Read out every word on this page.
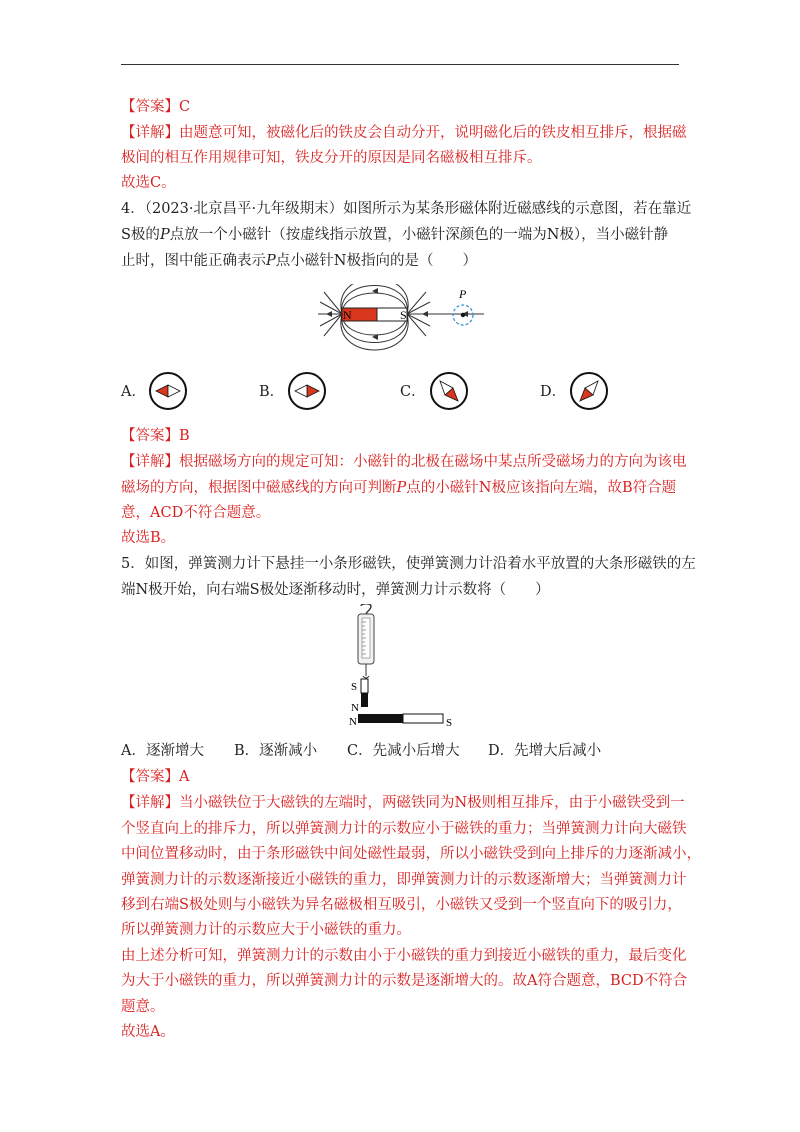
【答案】C
【详解】由题意可知，被磁化后的铁皮会自动分开，说明磁化后的铁皮相互排斥，根据磁
极间的相互作用规律可知，铁皮分开的原因是同名磁极相互排斥。
故选C。
4．（2023·北京昌平·九年级期末）如图所示为某条形磁体附近磁感线的示意图，若在靠近
S极的P点放一个小磁针（按虚线指示放置，小磁针深颜色的一端为N极），当小磁针静
止时，图中能正确表示P点小磁针N极指向的是（　　）
N	S
P
A．	B．	C．	D．
【答案】B
【详解】根据磁场方向的规定可知：小磁针的北极在磁场中某点所受磁场力的方向为该电
磁场的方向，根据图中磁感线的方向可判断P点的小磁针N极应该指向左端，故B符合题
意，ACD不符合题意。
故选B。
5．如图，弹簧测力计下悬挂一小条形磁铁，使弹簧测力计沿着水平放置的大条形磁铁的左
端N极开始，向右端S极处逐渐移动时，弹簧测力计示数将（　　）
S
N
N	S
A．逐渐增大 B．逐渐减小 C．先减小后增大 D．先增大后减小
【答案】A
【详解】当小磁铁位于大磁铁的左端时，两磁铁同为N极则相互排斥，由于小磁铁受到一
个竖直向上的排斥力，所以弹簧测力计的示数应小于磁铁的重力；当弹簧测力计向大磁铁
中间位置移动时，由于条形磁铁中间处磁性最弱，所以小磁铁受到向上排斥的力逐渐减小，
弹簧测力计的示数逐渐接近小磁铁的重力，即弹簧测力计的示数逐渐增大；当弹簧测力计
移到右端S极处则与小磁铁为异名磁极相互吸引，小磁铁又受到一个竖直向下的吸引力，
所以弹簧测力计的示数应大于小磁铁的重力。
由上述分析可知，弹簧测力计的示数由小于小磁铁的重力到接近小磁铁的重力，最后变化
为大于小磁铁的重力，所以弹簧测力计的示数是逐渐增大的。故A符合题意，BCD不符合
题意。
故选A。
